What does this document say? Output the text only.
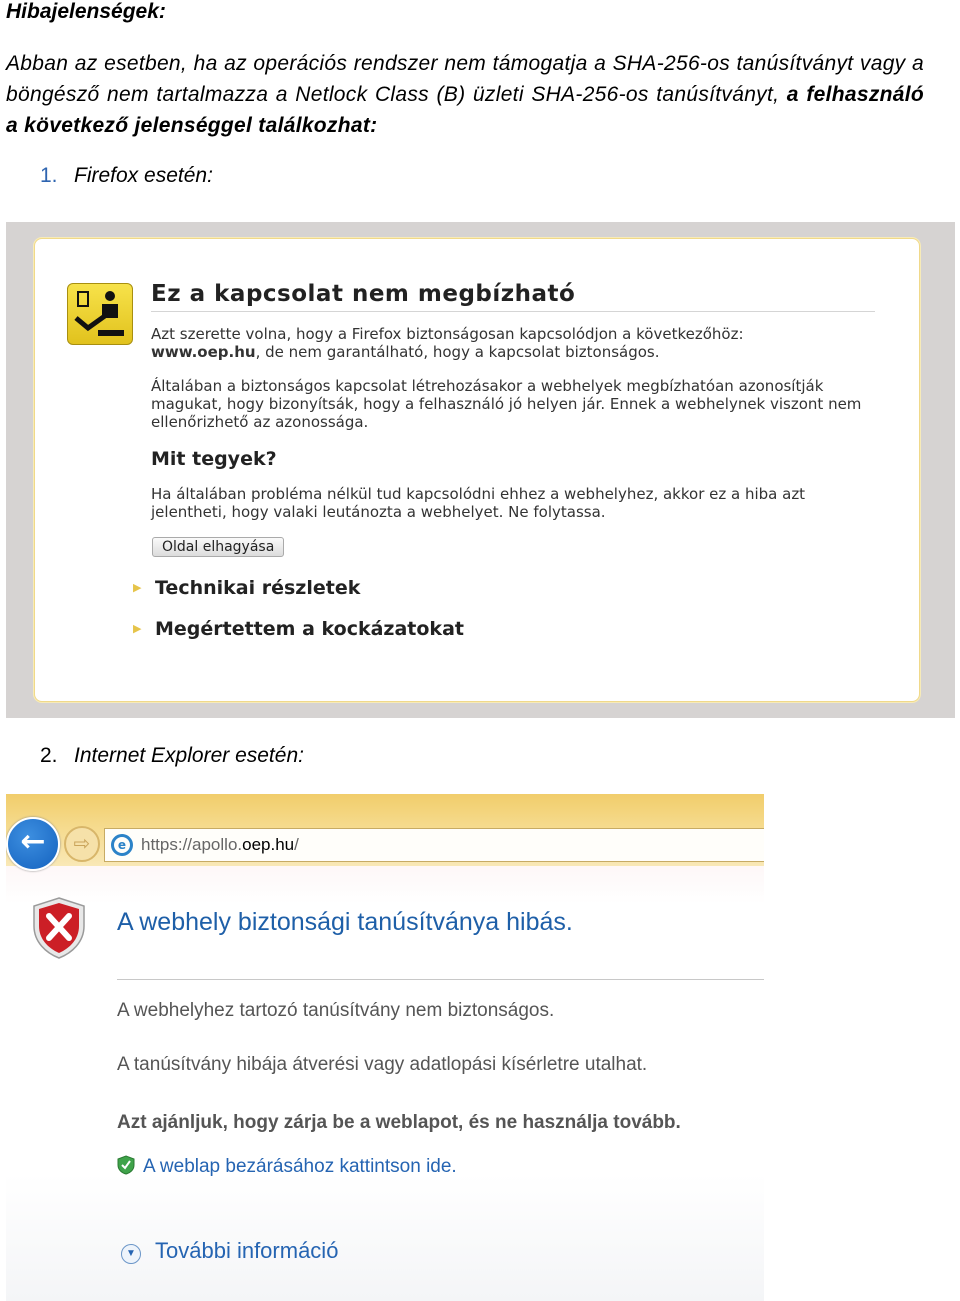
Hibajelenségek:
Abban az esetben, ha az operációs rendszer nem támogatja a SHA-256-os tanúsítványt vagy a böngésző nem tartalmazza a Netlock Class (B) üzleti SHA-256-os tanúsítványt, a felhasználó a következő jelenséggel találkozhat:
1. Firefox esetén:
Ez a kapcsolat nem megbízható
Azt szerette volna, hogy a Firefox biztonságosan kapcsolódjon a következőhöz:
www.oep.hu, de nem garantálható, hogy a kapcsolat biztonságos.
Általában a biztonságos kapcsolat létrehozásakor a webhelyek megbízhatóan azonosítják magukat, hogy bizonyítsák, hogy a felhasználó jó helyen jár. Ennek a webhelynek viszont nem ellenőrizhető az azonossága.
Mit tegyek?
Ha általában probléma nélkül tud kapcsolódni ehhez a webhelyhez, akkor ez a hiba azt jelentheti, hogy valaki leutánozta a webhelyet. Ne folytassa.
Oldal elhagyása
▶ Technikai részletek
▶ Megértettem a kockázatokat
2. Internet Explorer esetén:
←	⇨	e https://apollo.oep.hu/
A webhely biztonsági tanúsítványa hibás.
A webhelyhez tartozó tanúsítvány nem biztonságos.
A tanúsítvány hibája átverési vagy adatlopási kísérletre utalhat.
Azt ajánljuk, hogy zárja be a weblapot, és ne használja tovább.
A weblap bezárásához kattintson ide.
▼ További információ
